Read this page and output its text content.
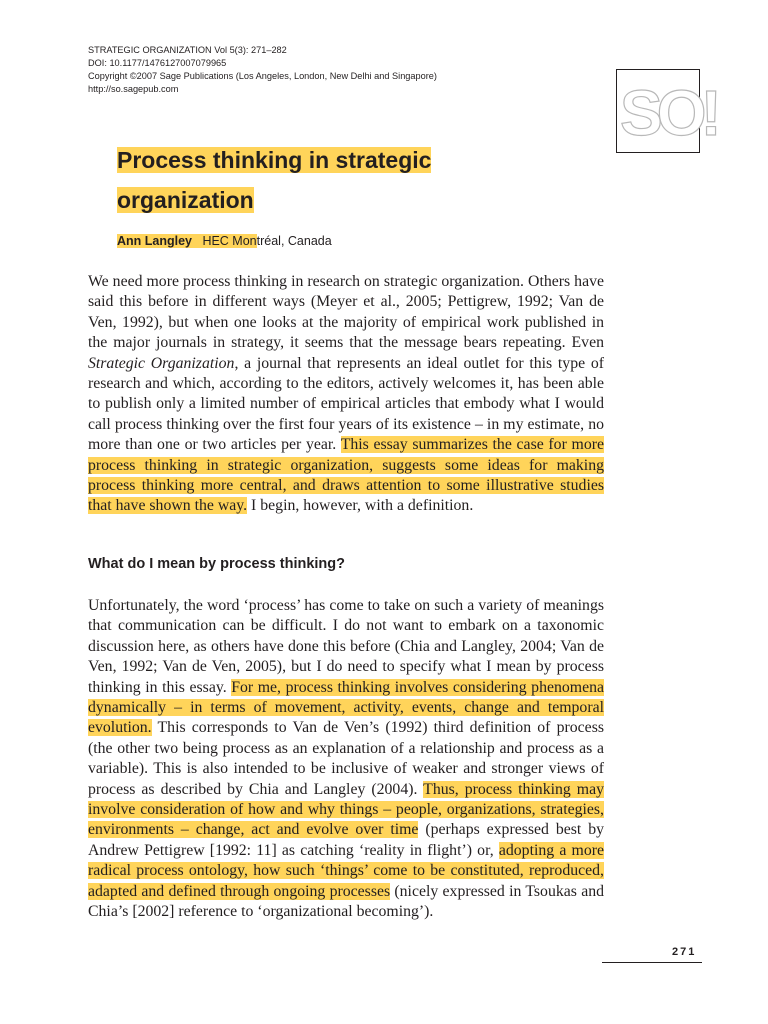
STRATEGIC ORGANIZATION Vol 5(3): 271–282
DOI: 10.1177/1476127007079965
Copyright ©2007 Sage Publications (Los Angeles, London, New Delhi and Singapore)
http://so.sagepub.com	SO!
Process thinking in strategic
organization
Ann Langley HEC Montréal, Canada
We need more process thinking in research on strategic organization. Others have said this before in different ways (Meyer et al., 2005; Pettigrew, 1992; Van de Ven, 1992), but when one looks at the majority of empirical work published in the major journals in strategy, it seems that the message bears repeating. Even Strategic Organization, a journal that represents an ideal outlet for this type of research and which, according to the editors, actively welcomes it, has been able to publish only a limited number of empirical articles that embody what I would call process thinking over the first four years of its existence – in my estimate, no more than one or two articles per year. This essay summarizes the case for more process thinking in strategic organization, suggests some ideas for making process thinking more central, and draws attention to some illustrative studies that have shown the way. I begin, however, with a definition.
What do I mean by process thinking?
Unfortunately, the word ‘process’ has come to take on such a variety of meanings that communication can be difficult. I do not want to embark on a taxonomic discussion here, as others have done this before (Chia and Langley, 2004; Van de Ven, 1992; Van de Ven, 2005), but I do need to specify what I mean by process thinking in this essay. For me, process thinking involves considering phenomena dynamically – in terms of movement, activity, events, change and temporal evolution. This corresponds to Van de Ven’s (1992) third definition of process (the other two being process as an explanation of a relationship and process as a variable). This is also intended to be inclusive of weaker and stronger views of process as described by Chia and Langley (2004). Thus, process thinking may involve consideration of how and why things – people, organizations, strategies, environments – change, act and evolve over time (perhaps expressed best by Andrew Pettigrew [1992: 11] as catching ‘reality in flight’) or, adopting a more radical process ontology, how such ‘things’ come to be constituted, reproduced, adapted and defined through ongoing processes (nicely expressed in Tsoukas and Chia’s [2002] reference to ‘organizational becoming’).
271
